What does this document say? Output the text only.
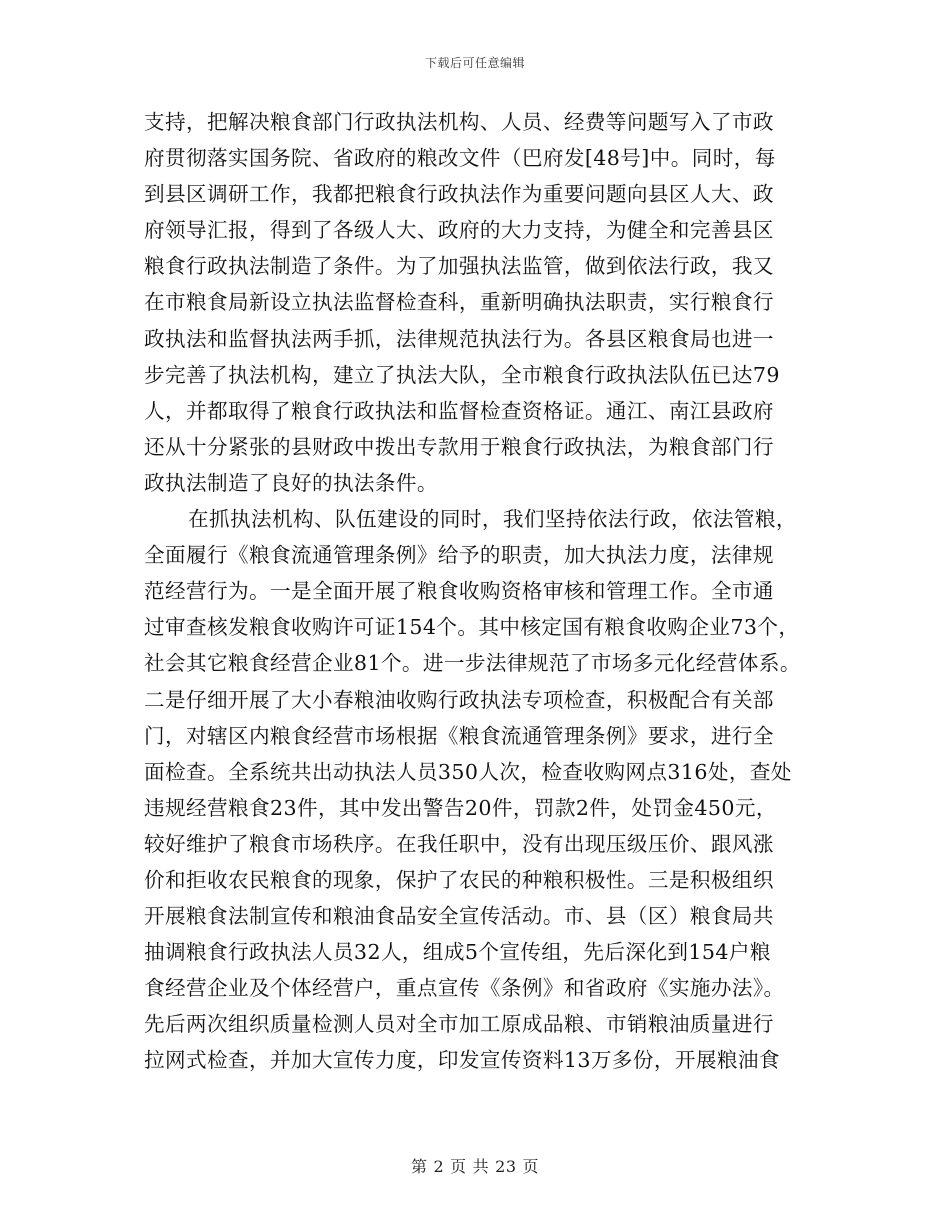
下载后可任意编辑
支持，把解决粮食部门行政执法机构、人员、经费等问题写入了市政
府贯彻落实国务院、省政府的粮改文件（巴府发[48号]中。同时，每
到县区调研工作，我都把粮食行政执法作为重要问题向县区人大、政
府领导汇报，得到了各级人大、政府的大力支持，为健全和完善县区
粮食行政执法制造了条件。为了加强执法监管，做到依法行政，我又
在市粮食局新设立执法监督检查科，重新明确执法职责，实行粮食行
政执法和监督执法两手抓，法律规范执法行为。各县区粮食局也进一
步完善了执法机构，建立了执法大队，全市粮食行政执法队伍已达79
人，并都取得了粮食行政执法和监督检查资格证。通江、南江县政府
还从十分紧张的县财政中拨出专款用于粮食行政执法，为粮食部门行
政执法制造了良好的执法条件。
在抓执法机构、队伍建设的同时，我们坚持依法行政，依法管粮，
全面履行《粮食流通管理条例》给予的职责，加大执法力度，法律规
范经营行为。一是全面开展了粮食收购资格审核和管理工作。全市通
过审查核发粮食收购许可证154个。其中核定国有粮食收购企业73个，
社会其它粮食经营企业81个。进一步法律规范了市场多元化经营体系。
二是仔细开展了大小春粮油收购行政执法专项检查，积极配合有关部
门，对辖区内粮食经营市场根据《粮食流通管理条例》要求，进行全
面检查。全系统共出动执法人员350人次，检查收购网点316处，查处
违规经营粮食23件，其中发出警告20件，罚款2件，处罚金450元，
较好维护了粮食市场秩序。在我任职中，没有出现压级压价、跟风涨
价和拒收农民粮食的现象，保护了农民的种粮积极性。三是积极组织
开展粮食法制宣传和粮油食品安全宣传活动。市、县（区）粮食局共
抽调粮食行政执法人员32人，组成5个宣传组，先后深化到154户粮
食经营企业及个体经营户，重点宣传《条例》和省政府《实施办法》。
先后两次组织质量检测人员对全市加工原成品粮、市销粮油质量进行
拉网式检查，并加大宣传力度，印发宣传资料13万多份，开展粮油食
第 2 页 共 23 页
